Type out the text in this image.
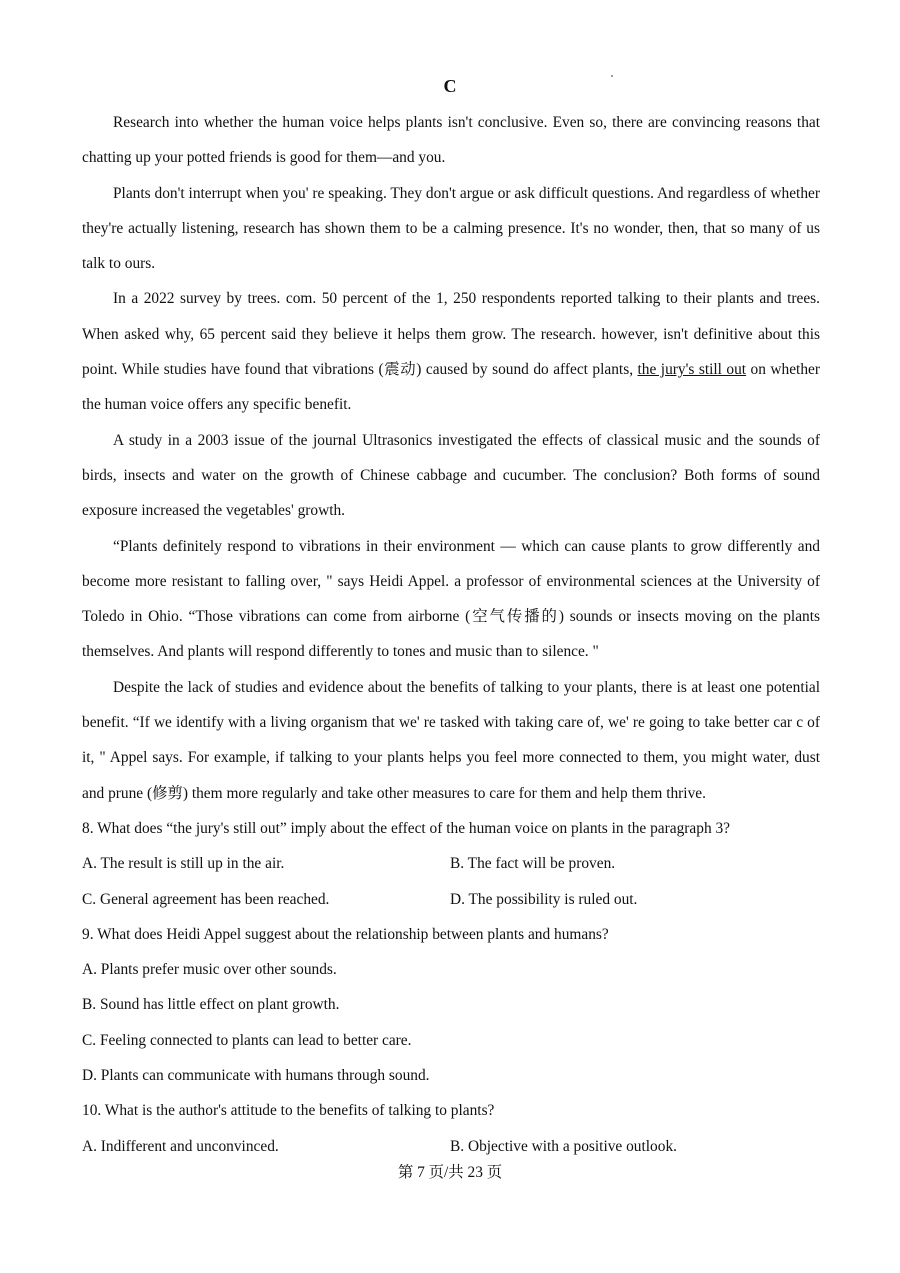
C

Research into whether the human voice helps plants isn't conclusive. Even so, there are convincing reasons that chatting up your potted friends is good for them—and you.

Plants don't interrupt when you' re speaking. They don't argue or ask difficult questions. And regardless of whether they're actually listening, research has shown them to be a calming presence. It's no wonder, then, that so many of us talk to ours.

In a 2022 survey by trees. com. 50 percent of the 1, 250 respondents reported talking to their plants and trees. When asked why, 65 percent said they believe it helps them grow. The research. however, isn't definitive about this point. While studies have found that vibrations (震动) caused by sound do affect plants, the jury's still out on whether the human voice offers any specific benefit.

A study in a 2003 issue of the journal Ultrasonics investigated the effects of classical music and the sounds of birds, insects and water on the growth of Chinese cabbage and cucumber. The conclusion? Both forms of sound exposure increased the vegetables' growth.

“Plants definitely respond to vibrations in their environment — which can cause plants to grow differently and become more resistant to falling over, " says Heidi Appel. a professor of environmental sciences at the University of Toledo in Ohio. “Those vibrations can come from airborne (空气传播的) sounds or insects moving on the plants themselves. And plants will respond differently to tones and music than to silence. "

Despite the lack of studies and evidence about the benefits of talking to your plants, there is at least one potential benefit. “If we identify with a living organism that we' re tasked with taking care of, we' re going to take better car c of it, " Appel says. For example, if talking to your plants helps you feel more connected to them, you might water, dust and prune (修剪) them more regularly and take other measures to care for them and help them thrive.

8. What does “the jury's still out” imply about the effect of the human voice on plants in the paragraph 3?

A. The result is still up in the air.	B. The fact will be proven.

C. General agreement has been reached.	D. The possibility is ruled out.

9. What does Heidi Appel suggest about the relationship between plants and humans?

A. Plants prefer music over other sounds.

B. Sound has little effect on plant growth.

C. Feeling connected to plants can lead to better care.

D. Plants can communicate with humans through sound.

10. What is the author's attitude to the benefits of talking to plants?

A. Indifferent and unconvinced.	B. Objective with a positive outlook.

第 7 页/共 23 页
